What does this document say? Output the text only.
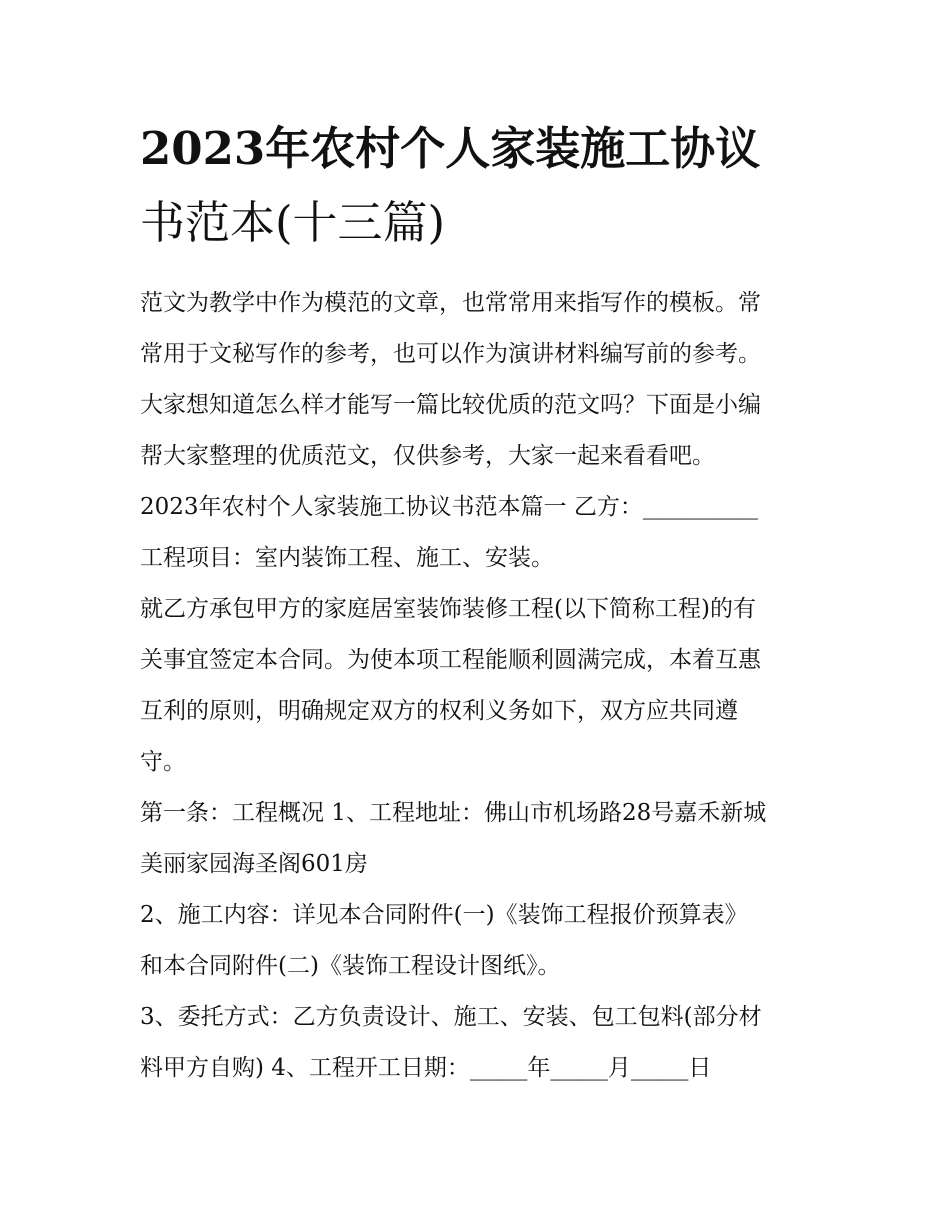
2023年农村个人家装施工协议
书范本(十三篇)
范文为教学中作为模范的文章，也常常用来指写作的模板。常
常用于文秘写作的参考，也可以作为演讲材料编写前的参考。
大家想知道怎么样才能写一篇比较优质的范文吗？下面是小编
帮大家整理的优质范文，仅供参考，大家一起来看看吧。
2023年农村个人家装施工协议书范本篇一 乙方：__________
工程项目：室内装饰工程、施工、安装。
就乙方承包甲方的家庭居室装饰装修工程(以下简称工程)的有
关事宜签定本合同。为使本项工程能顺利圆满完成，本着互惠
互利的原则，明确规定双方的权利义务如下，双方应共同遵
守。
第一条：工程概况 1、工程地址：佛山市机场路28号嘉禾新城
美丽家园海圣阁601房
2、施工内容：详见本合同附件(一)《装饰工程报价预算表》
和本合同附件(二)《装饰工程设计图纸》。
3、委托方式：乙方负责设计、施工、安装、包工包料(部分材
料甲方自购) 4、工程开工日期：_____年_____月_____日
